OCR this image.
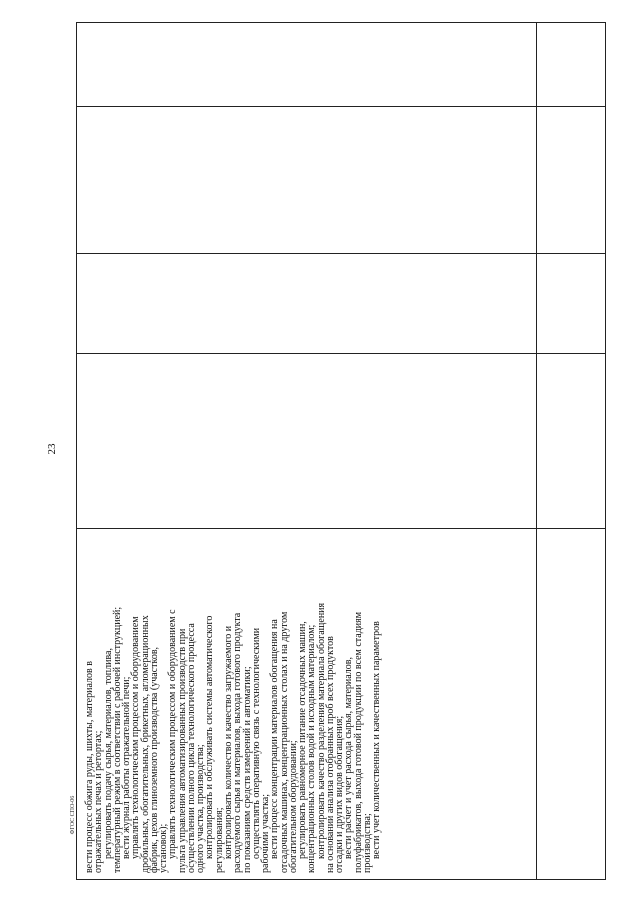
23
ФГОС СПО-06 вести процесс обжига руды, шихты, материалов в
отражательных печах и ретортах;
регулировать подачу сырья, материалов, топлива,
температурный режим в соответствии с рабочей инструкцией;
вести журнал работы отражательной печи;
управлять технологическим процессом и оборудованием
дробильных, обогатительных, брикетных, агломерационных
фабрик, цехов глиноземного производства (участков,
установок);
управлять технологическим процессом и оборудованием с
пульта управления автоматизированных производств при
осуществлении полного цикла технологического процесса
одного участка, производства;
контролировать и обслуживать системы автоматического
регулирования;
контролировать количество и качество загружаемого и
расходуемого сырья и материалов, выхода готового продукта
по показаниям средств измерений и автоматики;
осуществлять оперативную связь с технологическими
рабочими участка;
вести процесс концентрации материалов обогащения на
отсадочных машинах, концентрационных столах и на другом
обогатительном оборудовании;
регулировать равномерное питание отсадочных машин,
концентрационных столов водой и исходным материалом;
контролировать качество разделения материала обогащения
на основании анализа отобранных проб всех продуктов
отсадки и других видов обогащения;
вести расчет и учет расхода сырья, материалов,
полуфабрикатов, выхода готовой продукции по всем стадиям
производства;
вести учет количественных и качественных параметров
